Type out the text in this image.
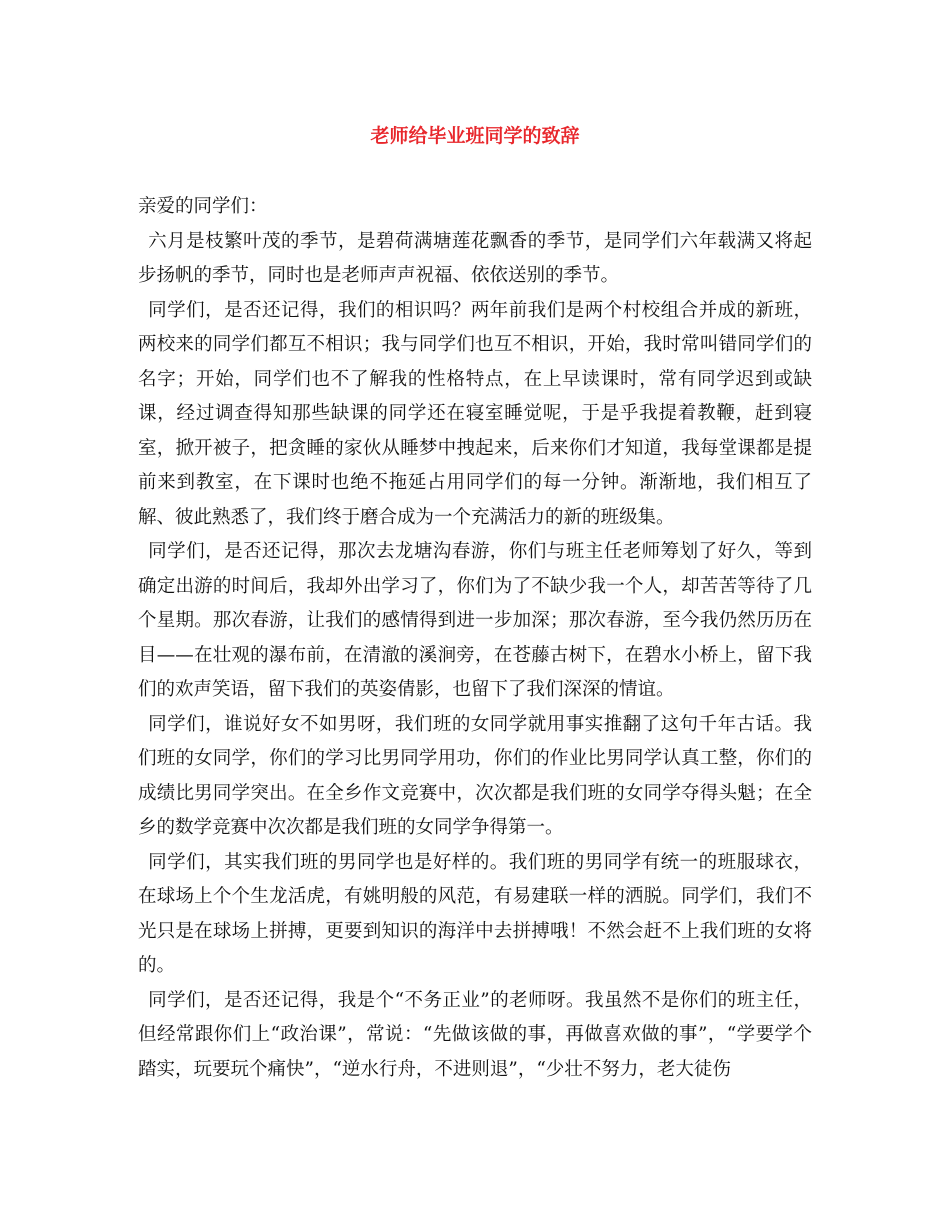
老师给毕业班同学的致辞

亲爱的同学们：

六月是枝繁叶茂的季节，是碧荷满塘莲花飘香的季节，是同学们六年载满又将起步扬帆的季节，同时也是老师声声祝福、依依送别的季节。

同学们，是否还记得，我们的相识吗？两年前我们是两个村校组合并成的新班，两校来的同学们都互不相识；我与同学们也互不相识，开始，我时常叫错同学们的名字；开始，同学们也不了解我的性格特点，在上早读课时，常有同学迟到或缺课，经过调查得知那些缺课的同学还在寝室睡觉呢，于是乎我提着教鞭，赶到寝室，掀开被子，把贪睡的家伙从睡梦中拽起来，后来你们才知道，我每堂课都是提前来到教室，在下课时也绝不拖延占用同学们的每一分钟。渐渐地，我们相互了解、彼此熟悉了，我们终于磨合成为一个充满活力的新的班级集。

同学们，是否还记得，那次去龙塘沟春游，你们与班主任老师筹划了好久，等到确定出游的时间后，我却外出学习了，你们为了不缺少我一个人，却苦苦等待了几个星期。那次春游，让我们的感情得到进一步加深；那次春游，至今我仍然历历在目——在壮观的瀑布前，在清澈的溪涧旁，在苍藤古树下，在碧水小桥上，留下我们的欢声笑语，留下我们的英姿倩影，也留下了我们深深的情谊。

同学们，谁说好女不如男呀，我们班的女同学就用事实推翻了这句千年古话。我们班的女同学，你们的学习比男同学用功，你们的作业比男同学认真工整，你们的成绩比男同学突出。在全乡作文竞赛中，次次都是我们班的女同学夺得头魁；在全乡的数学竞赛中次次都是我们班的女同学争得第一。

同学们，其实我们班的男同学也是好样的。我们班的男同学有统一的班服球衣，在球场上个个生龙活虎，有姚明般的风范，有易建联一样的洒脱。同学们，我们不光只是在球场上拼搏，更要到知识的海洋中去拼搏哦！不然会赶不上我们班的女将的。

同学们，是否还记得，我是个“不务正业”的老师呀。我虽然不是你们的班主任，但经常跟你们上“政治课”，常说：“先做该做的事，再做喜欢做的事”，“学要学个踏实，玩要玩个痛快”，“逆水行舟，不进则退”，“少壮不努力，老大徒伤
